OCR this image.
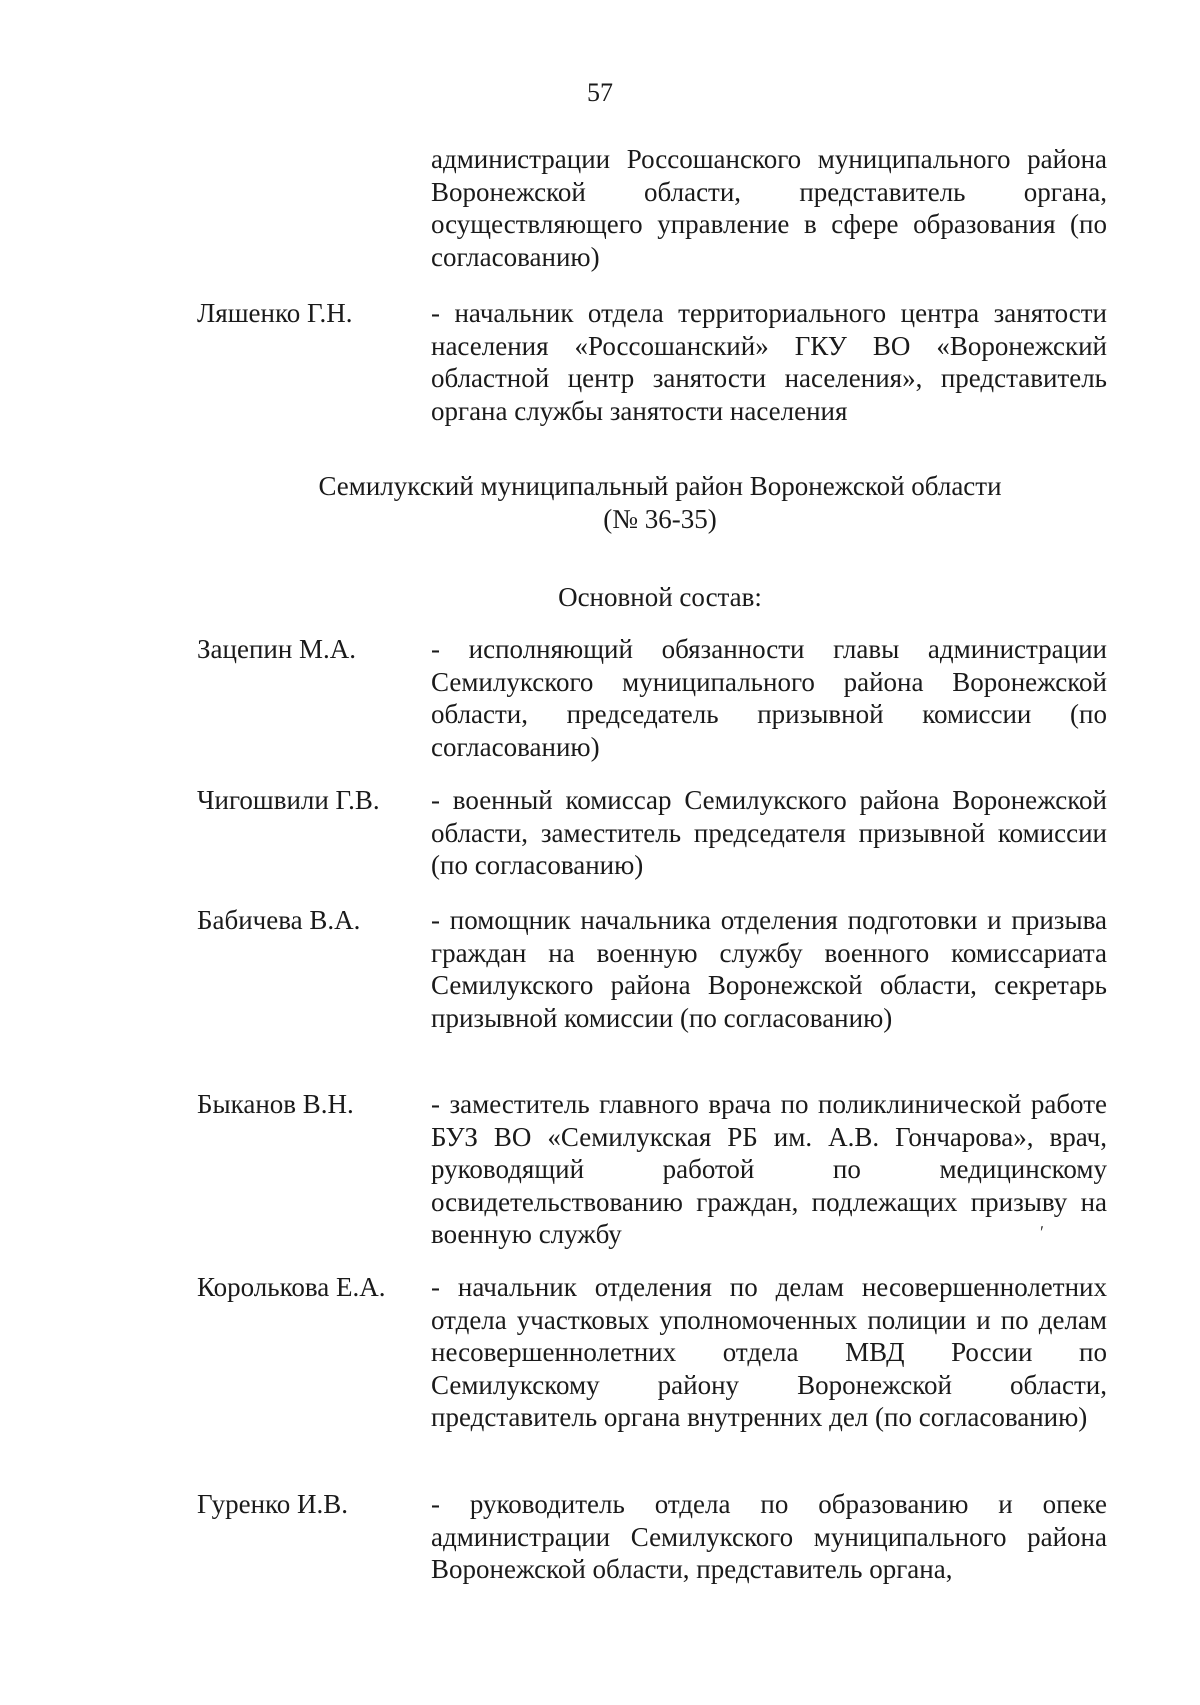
57
администрации Россошанского муниципального района Воронежской области, представитель органа, осуществляющего управление в сфере образования (по согласованию)
Ляшенко Г.Н.	- начальник отдела территориального центра занятости населения «Россошанский» ГКУ ВО «Воронежский областной центр занятости населения», представитель органа службы занятости населения
Семилукский муниципальный район Воронежской области
(№ 36-35)
Основной состав:
Зацепин М.А.	- исполняющий обязанности главы администрации Семилукского муниципального района Воронежской области, председатель призывной комиссии (по согласованию)
Чигошвили Г.В. - военный комиссар Семилукского района Воронежской области, заместитель председателя призывной комиссии (по согласованию)
Бабичева В.А.	- помощник начальника отделения подготовки и призыва граждан на военную службу военного комиссариата Семилукского района Воронежской области, секретарь призывной комиссии (по согласованию)
Быканов В.Н.	- заместитель главного врача по поликлинической работе БУЗ ВО «Семилукская РБ им. А.В. Гончарова», врач, руководящий работой по медицинскому освидетельствованию граждан, подлежащих призыву на военную службу
Королькова Е.А. - начальник отделения по делам несовершеннолетних отдела участковых уполномоченных полиции и по делам несовершеннолетних отдела МВД России по Семилукскому району Воронежской области, представитель органа внутренних дел (по согласованию)
Гуренко И.В.	- руководитель отдела по образованию и опеке администрации Семилукского муниципального района Воронежской области, представитель органа,
ʹ
